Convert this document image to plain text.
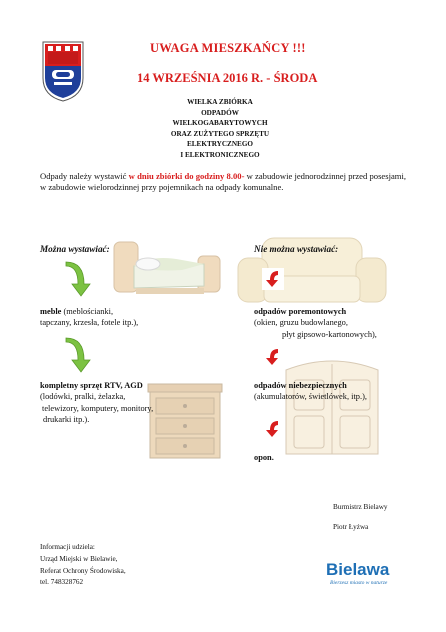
UWAGA MIESZKAŃCY !!!
14 WRZEŚNIA 2016 R. - ŚRODA
WIELKA ZBIÓRKA
ODPADÓW
WIELKOGABARYTOWYCH
ORAZ ZUŻYTEGO SPRZĘTU
ELEKTRYCZNEGO
I ELEKTRONICZNEGO
Odpady należy wystawić w dniu zbiórki do godziny 8.00- w zabudowie jednorodzinnej przed posesjami, w zabudowie wielorodzinnej przy pojemnikach na odpady komunalne.
Można wystawiać:
meble (meblościanki,
tapczany, krzesła, fotele itp.),
kompletny sprzęt RTV, AGD
(lodówki, pralki, żelazka,
telewizory, komputery, monitory,
drukarki itp.).
Nie można wystawiać:
odpadów poremontowych
(okien, gruzu budowlanego,
płyt gipsowo-kartonowych),
odpadów niebezpiecznych
(akumulatorów, świetlówek, itp.),
opon.
Burmistrz Bielawy
Piotr Łyżwa
Informacji udziela:
Urząd Miejski w Bielawie,
Referat Ochrony Środowiska,
tel. 748328762
Bielawa
Bierzesz miasto w naturze
